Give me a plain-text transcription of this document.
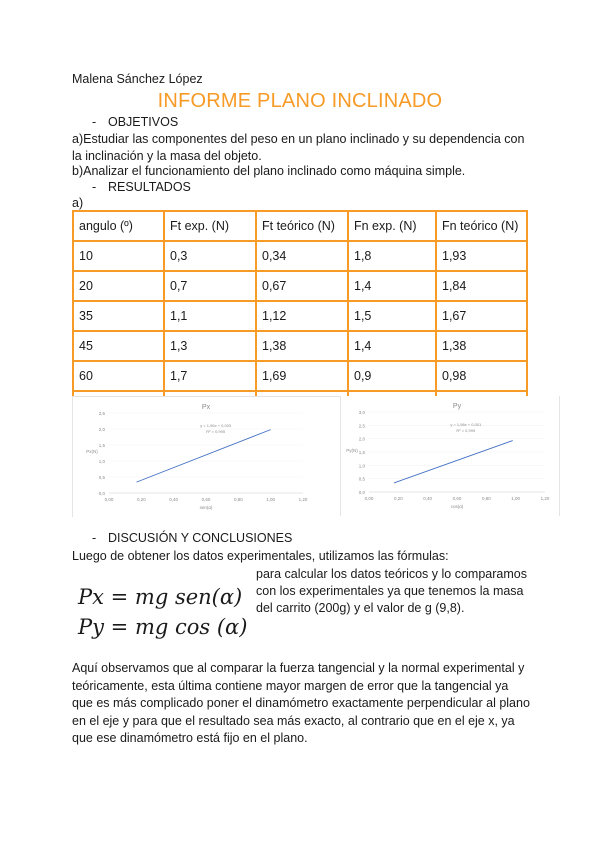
Malena Sánchez López
INFORME PLANO INCLINADO
- OBJETIVOS
a)Estudiar las componentes del peso en un plano inclinado y su dependencia con la inclinación y la masa del objeto.
b)Analizar el funcionamiento del plano inclinado como máquina simple.
- RESULTADOS
a)
angulo (º)	Ft exp. (N)	Ft teórico (N)	Fn exp. (N)	Fn teórico (N)
10	0,3	0,34	1,8	1,93
20	0,7	0,67	1,4	1,84
35	1,1	1,12	1,5	1,67
45	1,3	1,38	1,4	1,38
60	1,7	1,69	0,9	0,98

Px
0,0
0,5
1,0
1,5
2,0
2,5
0,00	0,20	0,40	0,60	0,80	1,00	1,20
sen(α)
Px(N)
y = 1,96x + 0,003
R² = 0,995
Py
0,0
0,5
1,0
1,5
2,0
2,5
3,0
0,00	0,20	0,40	0,60	0,80	1,00	1,20
cos(α)
Py(N)
y = 1,96x + 0,001
R² = 0,999
- DISCUSIÓN Y CONCLUSIONES
Luego de obtener los datos experimentales, utilizamos las fórmulas:
Px = mg sen(α)
Py = mg cos (α)
para calcular los datos teóricos y lo comparamos con los experimentales ya que tenemos la masa del carrito (200g) y el valor de g (9,8).
Aquí observamos que al comparar la fuerza tangencial y la normal experimental y teóricamente, esta última contiene mayor margen de error que la tangencial ya que es más complicado poner el dinamómetro exactamente perpendicular al plano en el eje y para que el resultado sea más exacto, al contrario que en el eje x, ya que ese dinamómetro está fijo en el plano.
